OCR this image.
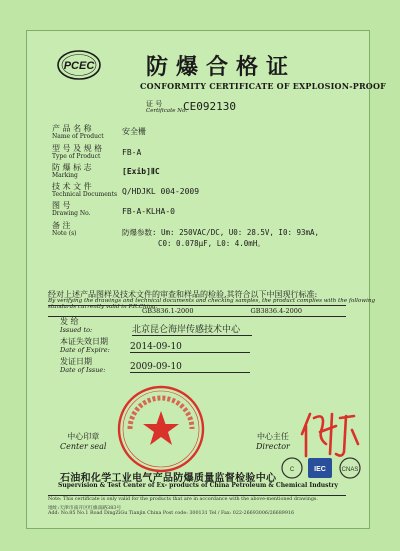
PCEC 防爆合格证
CONFORMITY CERTIFICATE OF EXPLOSION-PROOF
证 号
Certificate No.
CE092130
产 品 名 称
Name of Product
安全栅
型 号 及 规 格
Type of Product	FB-A
防 爆 标 志
Marking	[Exib]ⅡC
技 术 文 件
Technical Documents Q/HDJKL 004-2009
图 号
Drawing No.	FB-A-KLHA-0
备 注
Note (s)	防爆参数: Um: 250VAC/DC, U0: 28.5V, I0: 93mA,
C0: 0.078μF, L0: 4.0mH。
经对上述产品图样及技术文件的审查和样品的检验,其符合以下中国现行标准:
By verifying the drawings and technical documents and checking samples, the product complies with the following standards currently valid in P.R.China:
GB3836.1-2000	GB3836.4-2000
发 给
Issued to:	北京昆仑海岸传感技术中心
本证失效日期
Date of Expire: 2014-09-10
发证日期
Date of Issue:	2009-09-10
中心印章
Center seal
中心主任
Director
石油和化学工业电气产品防爆质量监督检验中心
Supervision & Test Center of Ex- products of China Petroleum & Chemical Industry
C	IEC	CNAS
Note: This certificate is only valid for the products that are in accordance with the above-mentioned drawings.
地址:天津市南开区红旗南路383号
Add: No.85 No.1 Road DingZiGu Tianjin China Post code: 300131 Tel / Fax: 022-26693006/26689916
